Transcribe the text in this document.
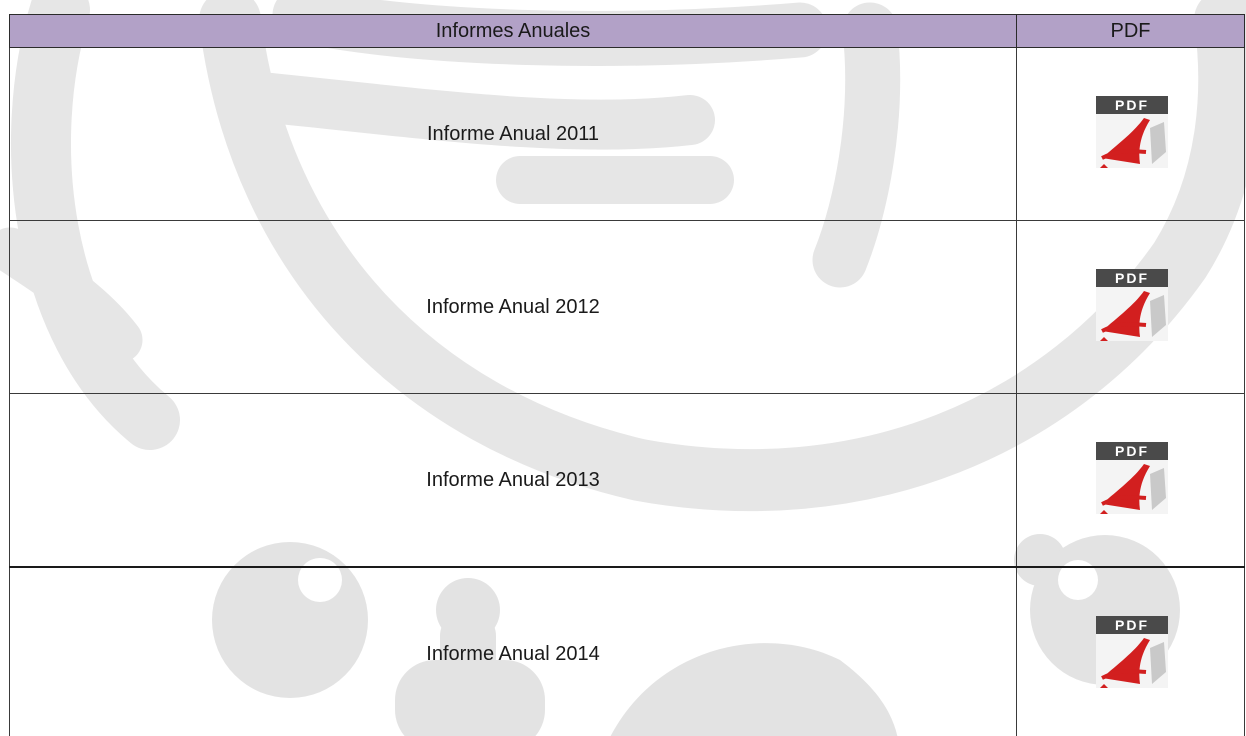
Informes Anuales	PDF
Informe Anual 2011	PDF

Informe Anual 2012	PDF

Informe Anual 2013	PDF

Informe Anual 2014	PDF
